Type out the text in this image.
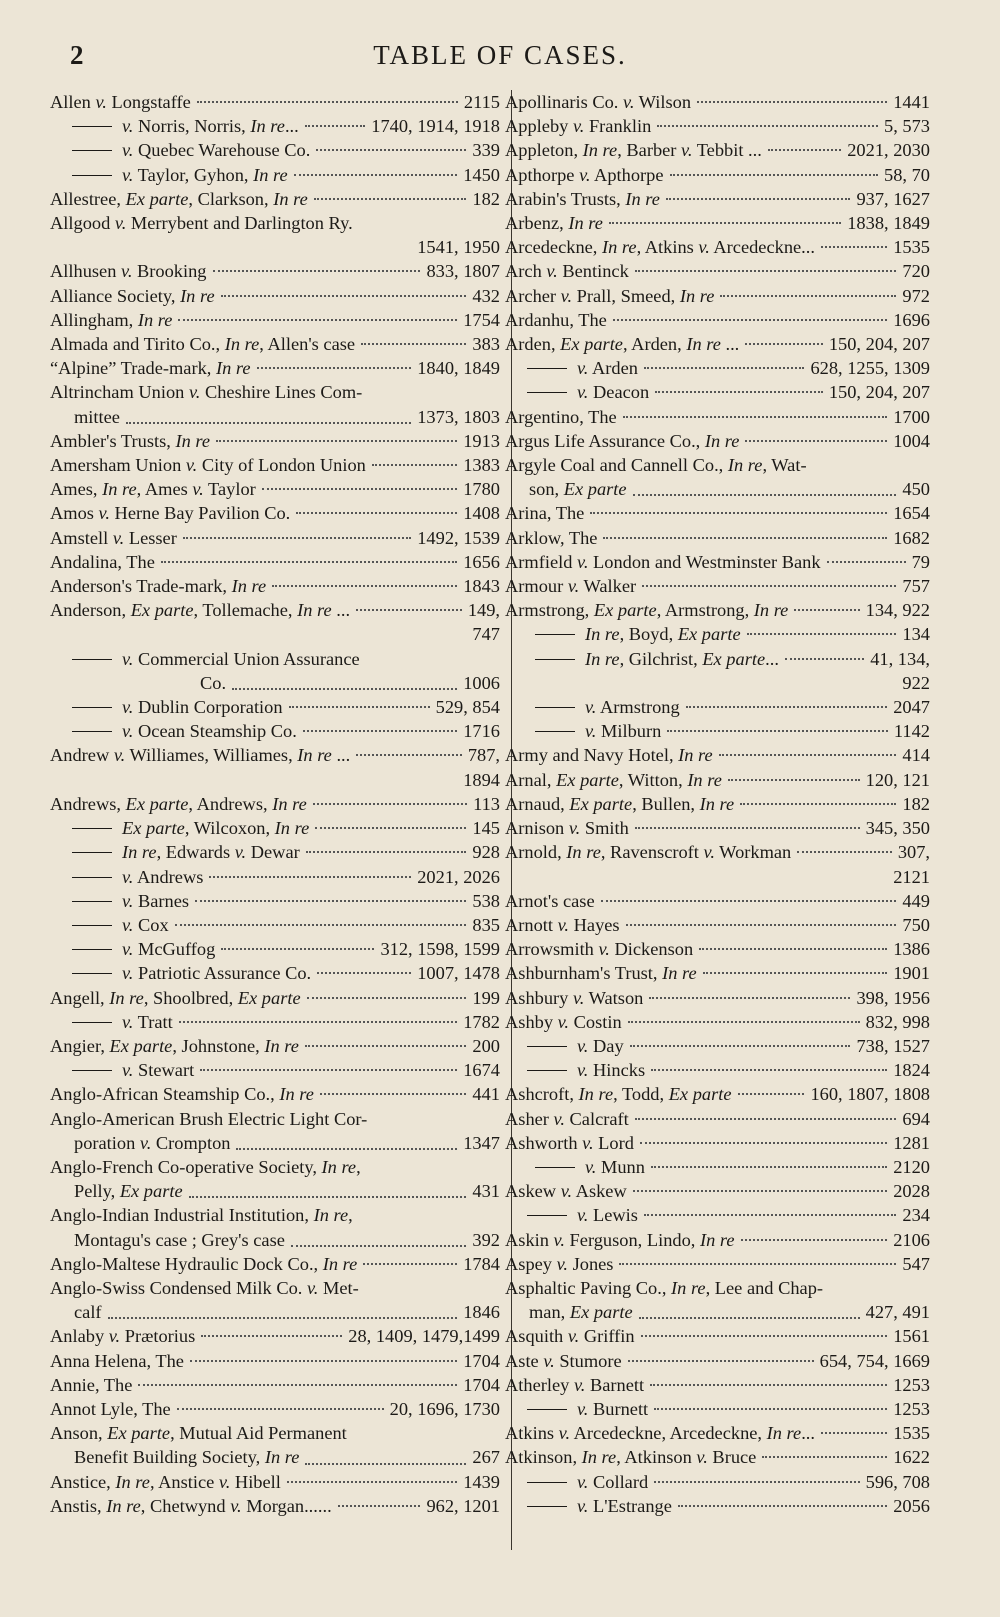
2	TABLE OF CASES.
Allen v. Longstaffe	2115
v. Norris, Norris, In re...	1740, 1914, 1918
v. Quebec Warehouse Co.	339
v. Taylor, Gyhon, In re	1450
Allestree, Ex parte, Clarkson, In re	182
Allgood v. Merrybent and Darlington Ry.
1541, 1950
Allhusen v. Brooking	833, 1807
Alliance Society, In re	432
Allingham, In re	1754
Almada and Tirito Co., In re, Allen's case	383
“Alpine” Trade-mark, In re	1840, 1849
Altrincham Union v. Cheshire Lines Com-
mittee	1373, 1803
Ambler's Trusts, In re	1913
Amersham Union v. City of London Union	1383
Ames, In re, Ames v. Taylor	1780
Amos v. Herne Bay Pavilion Co.	1408
Amstell v. Lesser	1492, 1539
Andalina, The	1656
Anderson's Trade-mark, In re	1843
Anderson, Ex parte, Tollemache, In re ...	149,
747
v. Commercial Union Assurance
Co.	1006
v. Dublin Corporation	529, 854
v. Ocean Steamship Co.	1716
Andrew v. Williames, Williames, In re ...	787,
1894
Andrews, Ex parte, Andrews, In re	113
Ex parte, Wilcoxon, In re	145
In re, Edwards v. Dewar	928
v. Andrews	2021, 2026
v. Barnes	538
v. Cox	835
v. McGuffog	312, 1598, 1599
v. Patriotic Assurance Co.	1007, 1478
Angell, In re, Shoolbred, Ex parte	199
v. Tratt	1782
Angier, Ex parte, Johnstone, In re	200
v. Stewart	1674
Anglo-African Steamship Co., In re	441
Anglo-American Brush Electric Light Cor-
poration v. Crompton	1347
Anglo-French Co-operative Society, In re,
Pelly, Ex parte	431
Anglo-Indian Industrial Institution, In re,
Montagu's case ; Grey's case	392
Anglo-Maltese Hydraulic Dock Co., In re	1784
Anglo-Swiss Condensed Milk Co. v. Met-
calf	1846
Anlaby v. Prætorius	28, 1409, 1479,1499
Anna Helena, The	1704
Annie, The	1704
Annot Lyle, The	20, 1696, 1730
Anson, Ex parte, Mutual Aid Permanent
Benefit Building Society, In re	267
Anstice, In re, Anstice v. Hibell	1439
Anstis, In re, Chetwynd v. Morgan......	962, 1201
Apollinaris Co. v. Wilson	1441
Appleby v. Franklin	5, 573
Appleton, In re, Barber v. Tebbit ...	2021, 2030
Apthorpe v. Apthorpe	58, 70
Arabin's Trusts, In re	937, 1627
Arbenz, In re	1838, 1849
Arcedeckne, In re, Atkins v. Arcedeckne...	1535
Arch v. Bentinck	720
Archer v. Prall, Smeed, In re	972
Ardanhu, The	1696
Arden, Ex parte, Arden, In re ...	150, 204, 207
v. Arden	628, 1255, 1309
v. Deacon	150, 204, 207
Argentino, The	1700
Argus Life Assurance Co., In re	1004
Argyle Coal and Cannell Co., In re, Wat-
son, Ex parte	450
Arina, The	1654
Arklow, The	1682
Armfield v. London and Westminster Bank	79
Armour v. Walker	757
Armstrong, Ex parte, Armstrong, In re	134, 922
In re, Boyd, Ex parte	134
In re, Gilchrist, Ex parte...	41, 134,
922
v. Armstrong	2047
v. Milburn	1142
Army and Navy Hotel, In re	414
Arnal, Ex parte, Witton, In re	120, 121
Arnaud, Ex parte, Bullen, In re	182
Arnison v. Smith	345, 350
Arnold, In re, Ravenscroft v. Workman	307,
2121
Arnot's case	449
Arnott v. Hayes	750
Arrowsmith v. Dickenson	1386
Ashburnham's Trust, In re	1901
Ashbury v. Watson	398, 1956
Ashby v. Costin	832, 998
v. Day	738, 1527
v. Hincks	1824
Ashcroft, In re, Todd, Ex parte	160, 1807, 1808
Asher v. Calcraft	694
Ashworth v. Lord	1281
v. Munn	2120
Askew v. Askew	2028
v. Lewis	234
Askin v. Ferguson, Lindo, In re	2106
Aspey v. Jones	547
Asphaltic Paving Co., In re, Lee and Chap-
man, Ex parte	427, 491
Asquith v. Griffin	1561
Aste v. Stumore	654, 754, 1669
Atherley v. Barnett	1253
v. Burnett	1253
Atkins v. Arcedeckne, Arcedeckne, In re...	1535
Atkinson, In re, Atkinson v. Bruce	1622
v. Collard	596, 708
v. L'Estrange	2056
